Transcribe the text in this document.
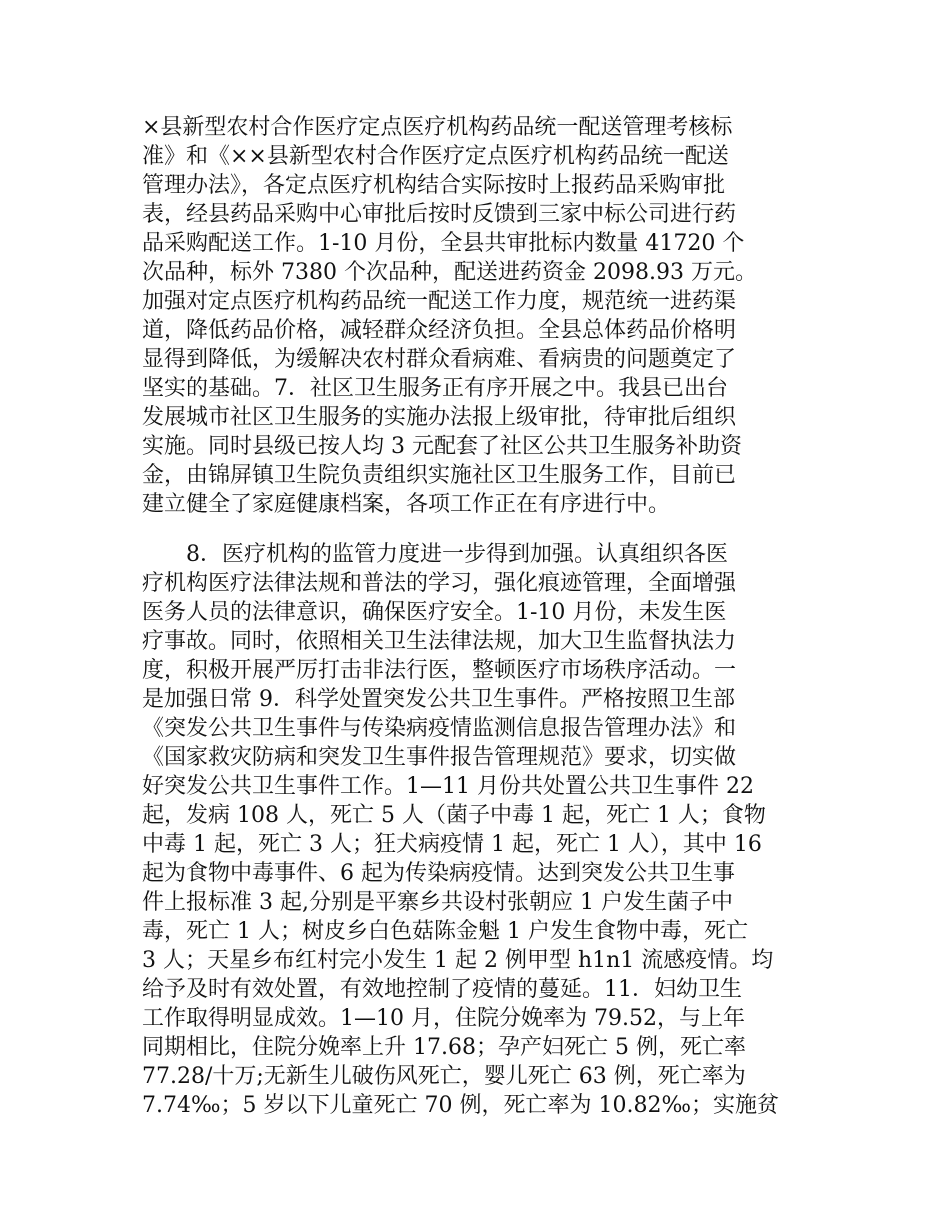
×县新型农村合作医疗定点医疗机构药品统一配送管理考核标
准》和《××县新型农村合作医疗定点医疗机构药品统一配送
管理办法》，各定点医疗机构结合实际按时上报药品采购审批
表，经县药品采购中心审批后按时反馈到三家中标公司进行药
品采购配送工作。1-10 月份，全县共审批标内数量 41720 个
次品种，标外 7380 个次品种，配送进药资金 2098.93 万元。
加强对定点医疗机构药品统一配送工作力度，规范统一进药渠
道，降低药品价格，减轻群众经济负担。全县总体药品价格明
显得到降低，为缓解决农村群众看病难、看病贵的问题奠定了
坚实的基础。7．社区卫生服务正有序开展之中。我县已出台
发展城市社区卫生服务的实施办法报上级审批，待审批后组织
实施。同时县级已按人均 3 元配套了社区公共卫生服务补助资
金，由锦屏镇卫生院负责组织实施社区卫生服务工作，目前已
建立健全了家庭健康档案，各项工作正在有序进行中。
8．医疗机构的监管力度进一步得到加强。认真组织各医
疗机构医疗法律法规和普法的学习，强化痕迹管理，全面增强
医务人员的法律意识，确保医疗安全。1-10 月份，未发生医
疗事故。同时，依照相关卫生法律法规，加大卫生监督执法力
度，积极开展严厉打击非法行医，整顿医疗市场秩序活动。一
是加强日常 9．科学处置突发公共卫生事件。严格按照卫生部
《突发公共卫生事件与传染病疫情监测信息报告管理办法》和
《国家救灾防病和突发卫生事件报告管理规范》要求，切实做
好突发公共卫生事件工作。1—11 月份共处置公共卫生事件 22
起，发病 108 人，死亡 5 人（菌子中毒 1 起，死亡 1 人；食物
中毒 1 起，死亡 3 人；狂犬病疫情 1 起，死亡 1 人），其中 16
起为食物中毒事件、6 起为传染病疫情。达到突发公共卫生事
件上报标准 3 起,分别是平寨乡共设村张朝应 1 户发生菌子中
毒，死亡 1 人；树皮乡白色菇陈金魁 1 户发生食物中毒，死亡
3 人；天星乡布红村完小发生 1 起 2 例甲型 h1n1 流感疫情。均
给予及时有效处置，有效地控制了疫情的蔓延。11．妇幼卫生
工作取得明显成效。1—10 月，住院分娩率为 79.52，与上年
同期相比，住院分娩率上升 17.68；孕产妇死亡 5 例，死亡率
77.28/十万;无新生儿破伤风死亡，婴儿死亡 63 例，死亡率为
7.74‰；5 岁以下儿童死亡 70 例，死亡率为 10.82‰；实施贫
